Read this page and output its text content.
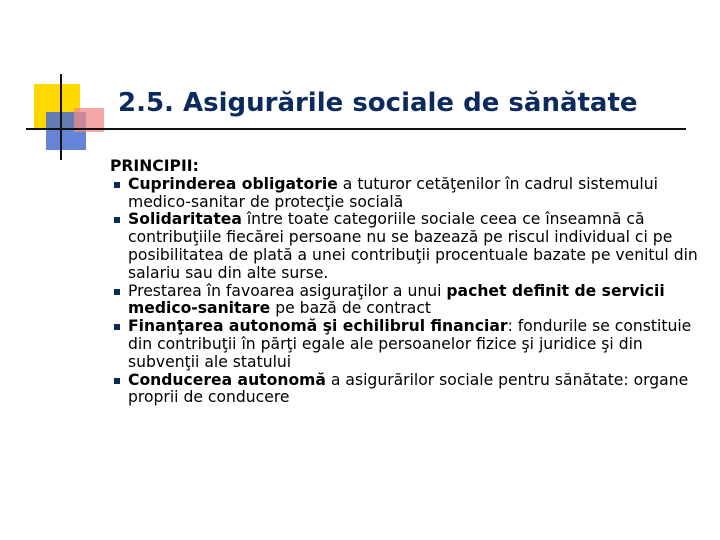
2.5. Asigurările sociale de sănătate
PRINCIPII:
Cuprinderea obligatorie a tuturor cetăţenilor în cadrul sistemului medico-sanitar de protecţie socială
Solidaritatea între toate categoriile sociale ceea ce înseamnă că contribuţiile fiecărei persoane nu se bazează pe riscul individual ci pe posibilitatea de plată a unei contribuţii procentuale bazate pe venitul din salariu sau din alte surse.
Prestarea în favoarea asiguraţilor a unui pachet definit de servicii medico-sanitare pe bază de contract
Finanţarea autonomă şi echilibrul financiar: fondurile se constituie din contribuţii în părţi egale ale persoanelor fizice şi juridice şi din subvenţii ale statului
Conducerea autonomă a asigurărilor sociale pentru sănătate: organe proprii de conducere
